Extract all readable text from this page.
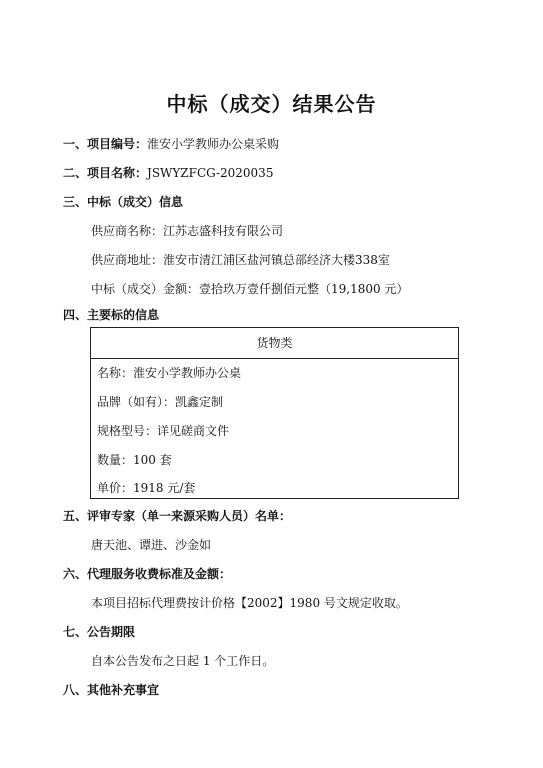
中标（成交）结果公告
一、项目编号：淮安小学教师办公桌采购
二、项目名称：JSWYZFCG-2020035
三、中标（成交）信息
供应商名称：江苏志盛科技有限公司
供应商地址：淮安市清江浦区盐河镇总部经济大楼338室
中标（成交）金额：壹拾玖万壹仟捌佰元整（19,1800 元）
四、主要标的信息
货物类
名称：淮安小学教师办公桌
品牌（如有）：凯鑫定制
规格型号：详见磋商文件
数量：100 套
单价：1918 元/套
五、评审专家（单一来源采购人员）名单：
唐天池、谭进、沙金如
六、代理服务收费标准及金额：
本项目招标代理费按计价格【2002】1980 号文规定收取。
七、公告期限
自本公告发布之日起 1 个工作日。
八、其他补充事宜
